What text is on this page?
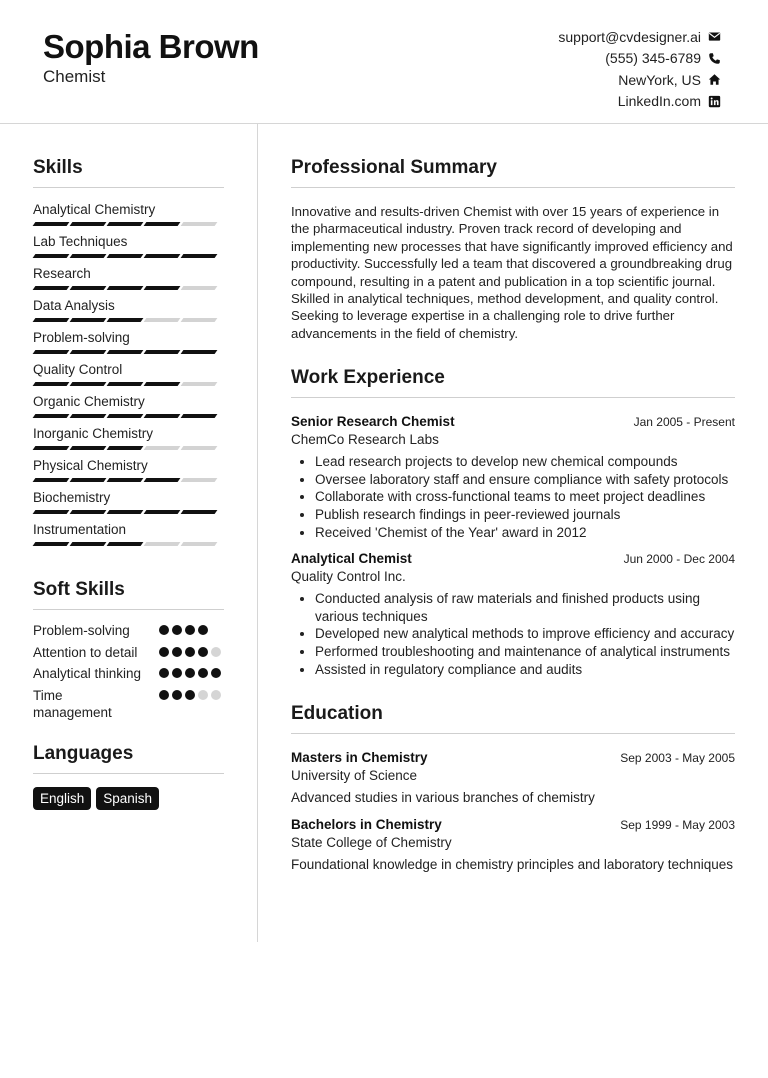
Sophia Brown
Chemist
support@cvdesigner.ai
(555) 345-6789
NewYork, US
LinkedIn.com
Skills
Analytical Chemistry
Lab Techniques
Research
Data Analysis
Problem-solving
Quality Control
Organic Chemistry
Inorganic Chemistry
Physical Chemistry
Biochemistry
Instrumentation
Soft Skills
Problem-solving
Attention to detail
Analytical thinking
Time management
Languages
English	Spanish
Professional Summary

Innovative and results-driven Chemist with over 15 years of experience in the pharmaceutical industry. Proven track record of developing and implementing new processes that have significantly improved efficiency and productivity. Successfully led a team that discovered a groundbreaking drug compound, resulting in a patent and publication in a top scientific journal. Skilled in analytical techniques, method development, and quality control. Seeking to leverage expertise in a challenging role to drive further advancements in the field of chemistry.

Work Experience
Senior Research Chemist	Jan 2005 - Present
ChemCo Research Labs
• Lead research projects to develop new chemical compounds
• Oversee laboratory staff and ensure compliance with safety protocols
• Collaborate with cross-functional teams to meet project deadlines
• Publish research findings in peer-reviewed journals
• Received 'Chemist of the Year' award in 2012
Analytical Chemist	Jun 2000 - Dec 2004
Quality Control Inc.
• Conducted analysis of raw materials and finished products using various techniques
• Developed new analytical methods to improve efficiency and accuracy
• Performed troubleshooting and maintenance of analytical instruments
• Assisted in regulatory compliance and audits
Education
Masters in Chemistry	Sep 2003 - May 2005
University of Science
Advanced studies in various branches of chemistry
Bachelors in Chemistry	Sep 1999 - May 2003
State College of Chemistry
Foundational knowledge in chemistry principles and laboratory techniques
